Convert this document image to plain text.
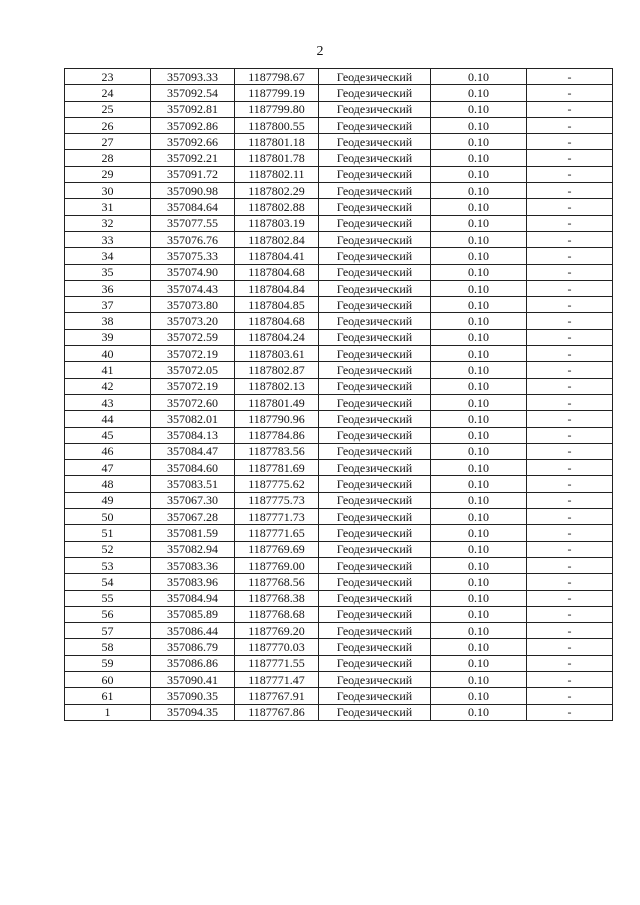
2
23	357093.33	1187798.67	Геодезический	0.10	-
24	357092.54	1187799.19	Геодезический	0.10	-
25	357092.81	1187799.80	Геодезический	0.10	-
26	357092.86	1187800.55	Геодезический	0.10	-
27	357092.66	1187801.18	Геодезический	0.10	-
28	357092.21	1187801.78	Геодезический	0.10	-
29	357091.72	1187802.11	Геодезический	0.10	-
30	357090.98	1187802.29	Геодезический	0.10	-
31	357084.64	1187802.88	Геодезический	0.10	-
32	357077.55	1187803.19	Геодезический	0.10	-
33	357076.76	1187802.84	Геодезический	0.10	-
34	357075.33	1187804.41	Геодезический	0.10	-
35	357074.90	1187804.68	Геодезический	0.10	-
36	357074.43	1187804.84	Геодезический	0.10	-
37	357073.80	1187804.85	Геодезический	0.10	-
38	357073.20	1187804.68	Геодезический	0.10	-
39	357072.59	1187804.24	Геодезический	0.10	-
40	357072.19	1187803.61	Геодезический	0.10	-
41	357072.05	1187802.87	Геодезический	0.10	-
42	357072.19	1187802.13	Геодезический	0.10	-
43	357072.60	1187801.49	Геодезический	0.10	-
44	357082.01	1187790.96	Геодезический	0.10	-
45	357084.13	1187784.86	Геодезический	0.10	-
46	357084.47	1187783.56	Геодезический	0.10	-
47	357084.60	1187781.69	Геодезический	0.10	-
48	357083.51	1187775.62	Геодезический	0.10	-
49	357067.30	1187775.73	Геодезический	0.10	-
50	357067.28	1187771.73	Геодезический	0.10	-
51	357081.59	1187771.65	Геодезический	0.10	-
52	357082.94	1187769.69	Геодезический	0.10	-
53	357083.36	1187769.00	Геодезический	0.10	-
54	357083.96	1187768.56	Геодезический	0.10	-
55	357084.94	1187768.38	Геодезический	0.10	-
56	357085.89	1187768.68	Геодезический	0.10	-
57	357086.44	1187769.20	Геодезический	0.10	-
58	357086.79	1187770.03	Геодезический	0.10	-
59	357086.86	1187771.55	Геодезический	0.10	-
60	357090.41	1187771.47	Геодезический	0.10	-
61	357090.35	1187767.91	Геодезический	0.10	-
1	357094.35	1187767.86	Геодезический	0.10	-
